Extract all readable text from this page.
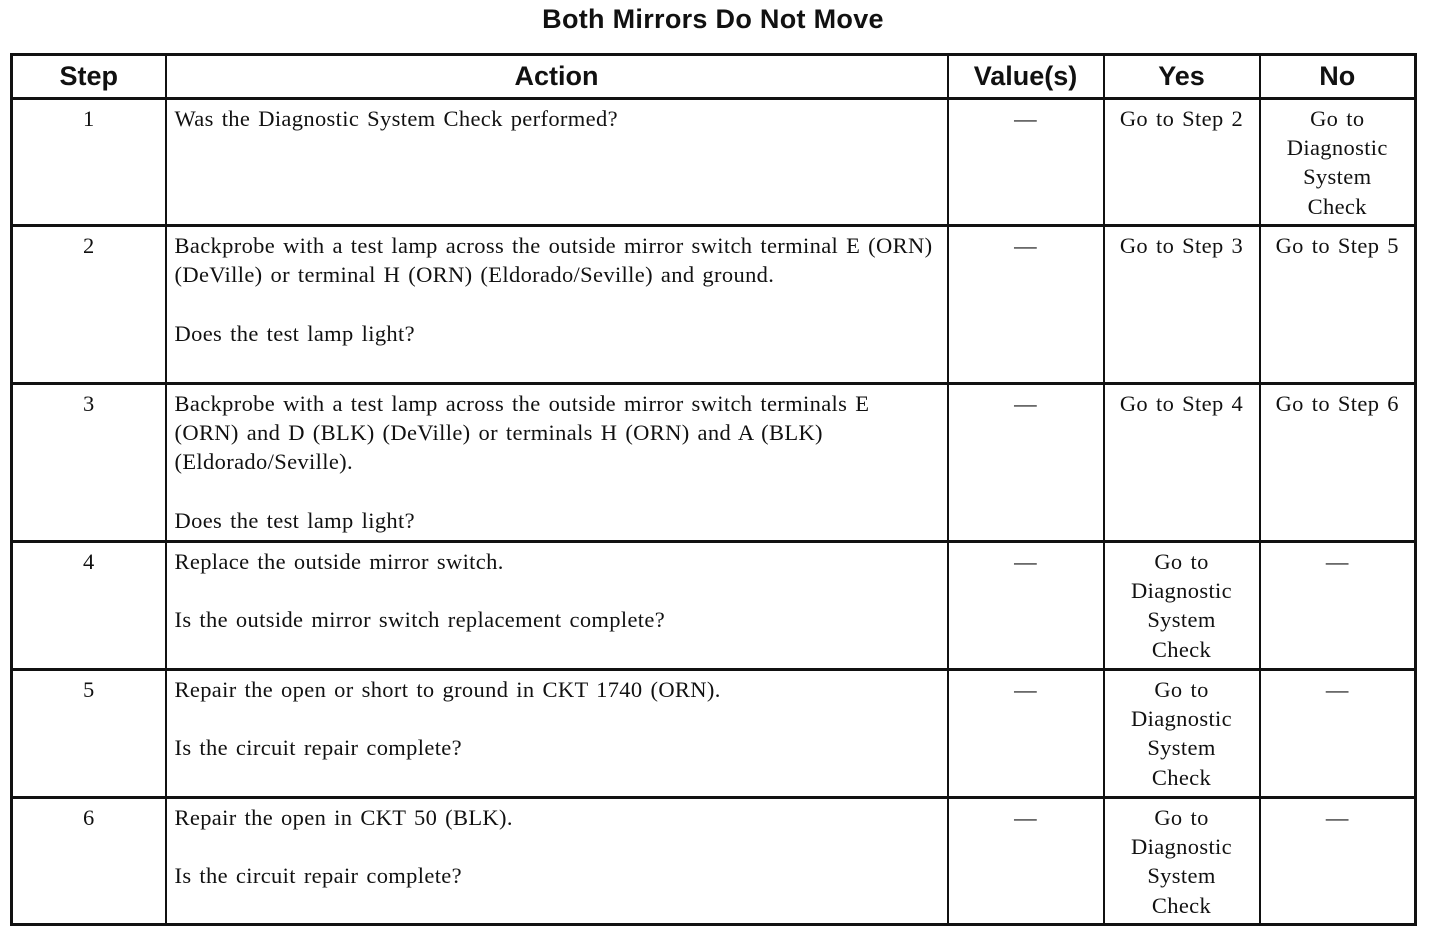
Both Mirrors Do Not Move
Step	Action	Value(s)	Yes	No
1	Was the Diagnostic System Check performed?	—	Go to Step 2	Go to Diagnostic System Check

2	Backprobe with a test lamp across the outside mirror switch terminal E (ORN) (DeVille) or terminal H (ORN) (Eldorado/Seville) and ground.
Does the test lamp light?	—	Go to Step 3	Go to Step 5

3	Backprobe with a test lamp across the outside mirror switch terminals E (ORN) and D (BLK) (DeVille) or terminals H (ORN) and A (BLK) (Eldorado/Seville).
Does the test lamp light?	—	Go to Step 4	Go to Step 6

4	Replace the outside mirror switch.
Is the outside mirror switch replacement complete?	—	Go to Diagnostic System Check	—

5	Repair the open or short to ground in CKT 1740 (ORN).
Is the circuit repair complete?	—	Go to Diagnostic System Check	—

6	Repair the open in CKT 50 (BLK).
Is the circuit repair complete?	—	Go to Diagnostic System Check	—
